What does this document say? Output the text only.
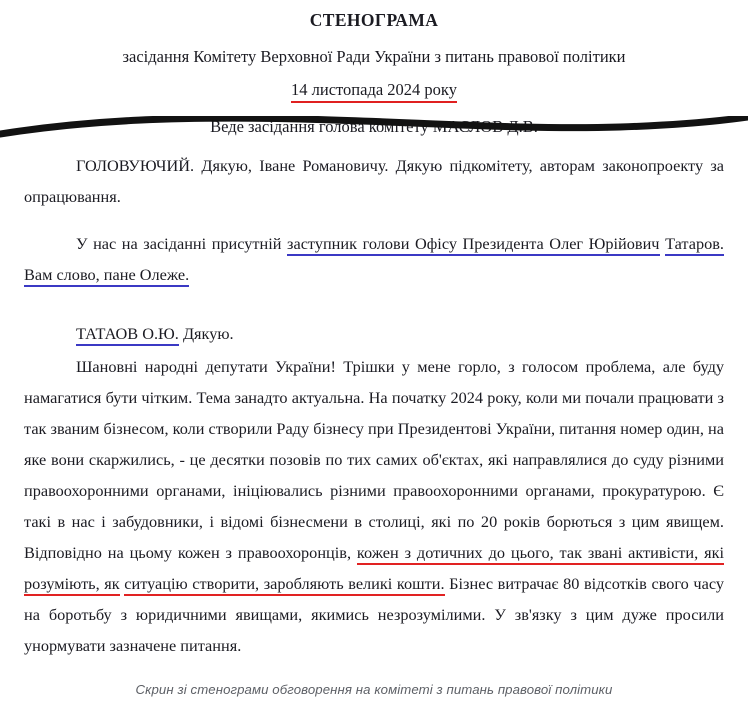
СТЕНОГРАМА
засідання Комітету Верховної Ради України з питань правової політики
14 листопада 2024 року
Веде засідання голова комітету МАСЛОВ Д.В.

ГОЛОВУЮЧИЙ. Дякую, Іване Романовичу. Дякую підкомітету, авторам законопроекту за опрацювання.

У нас на засіданні присутній заступник голови Офісу Президента Олег Юрійович Татаров. Вам слово, пане Олеже.

ТАТАОВ О.Ю. Дякую.

Шановні народні депутати України! Трішки у мене горло, з голосом проблема, але буду намагатися бути чітким. Тема занадто актуальна. На початку 2024 року, коли ми почали працювати з так званим бізнесом, коли створили Раду бізнесу при Президентові України, питання номер один, на яке вони скаржились, - це десятки позовів по тих самих об'єктах, які направлялися до суду різними правоохоронними органами, ініціювались різними правоохоронними органами, прокуратурою. Є такі в нас і забудовники, і відомі бізнесмени в столиці, які по 20 років борються з цим явищем. Відповідно на цьому кожен з правоохоронців, кожен з дотичних до цього, так звані активісти, які розуміють, як ситуацію створити, заробляють великі кошти. Бізнес витрачає 80 відсотків свого часу на боротьбу з юридичними явищами, якимись незрозумілими. У зв'язку з цим дуже просили унормувати зазначене питання.

Скрин зі стенограми обговорення на комітеті з питань правової політики
